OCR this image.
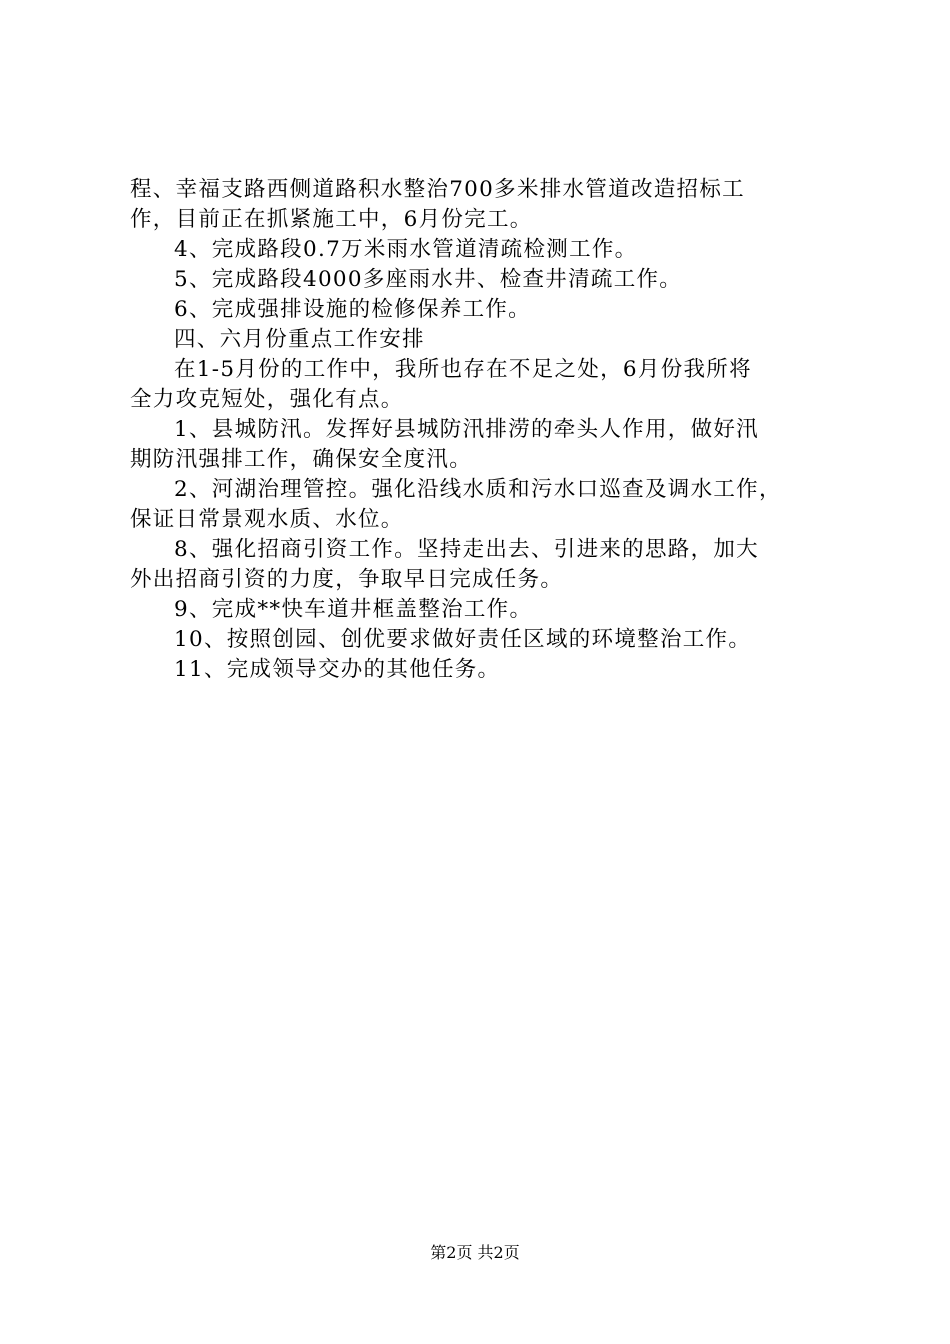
程、幸福支路西侧道路积水整治700多米排水管道改造招标工
作，目前正在抓紧施工中，6月份完工。
4、完成路段0.7万米雨水管道清疏检测工作。
5、完成路段4000多座雨水井、检查井清疏工作。
6、完成强排设施的检修保养工作。
四、六月份重点工作安排
在1-5月份的工作中，我所也存在不足之处，6月份我所将
全力攻克短处，强化有点。
1、县城防汛。发挥好县城防汛排涝的牵头人作用，做好汛
期防汛强排工作，确保安全度汛。
2、河湖治理管控。强化沿线水质和污水口巡查及调水工作，
保证日常景观水质、水位。
8、强化招商引资工作。坚持走出去、引进来的思路，加大
外出招商引资的力度，争取早日完成任务。
9、完成**快车道井框盖整治工作。
10、按照创园、创优要求做好责任区域的环境整治工作。
11、完成领导交办的其他任务。
第2页 共2页
